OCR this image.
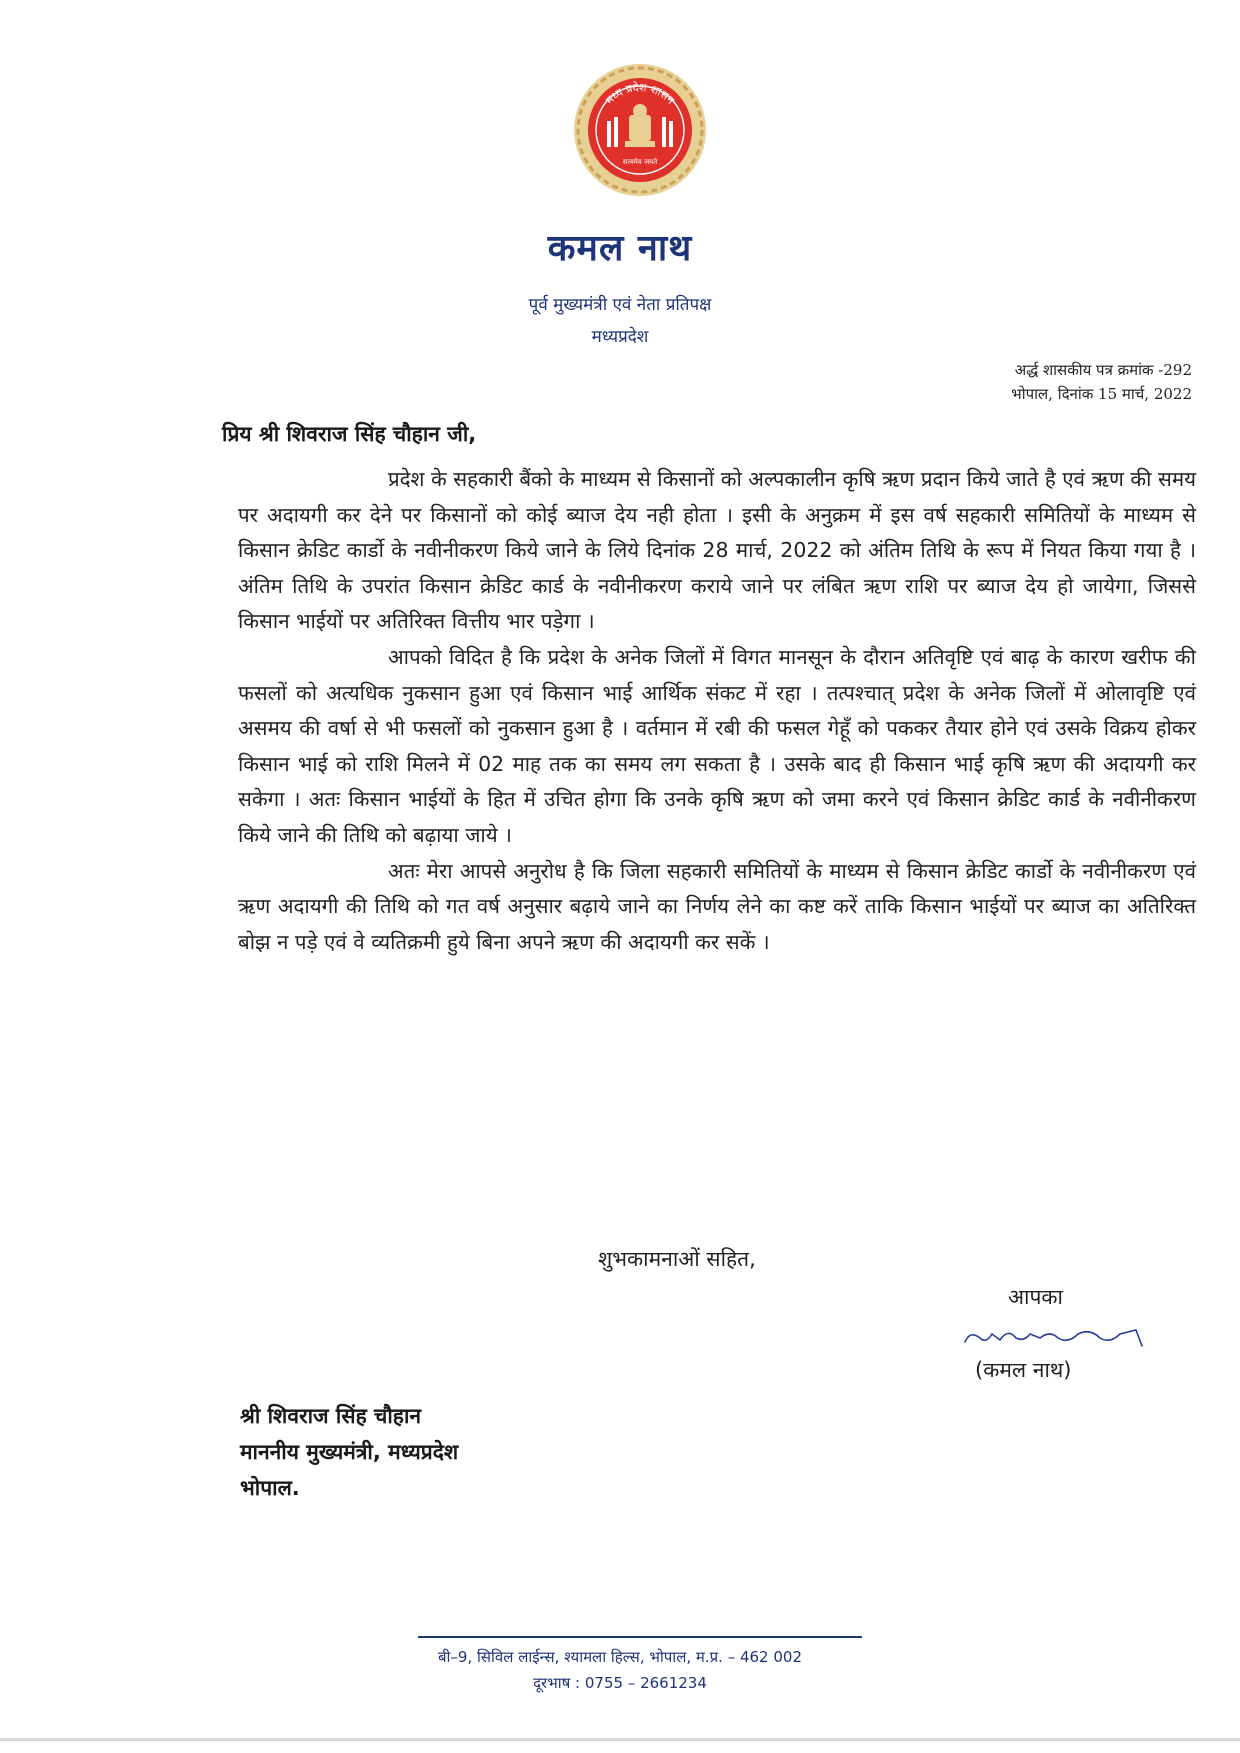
मध्य प्रदेश शासन
सत्यमेव जयते
कमल नाथ
पूर्व मुख्यमंत्री एवं नेता प्रतिपक्ष
मध्यप्रदेश
अर्द्ध शासकीय पत्र क्रमांक -292
भोपाल, दिनांक 15 मार्च, 2022
प्रिय श्री शिवराज सिंह चौहान जी,

प्रदेश के सहकारी बैंको के माध्यम से किसानों को अल्पकालीन कृषि ऋण प्रदान किये जाते है एवं ऋण की समय पर अदायगी कर देने पर किसानों को कोई ब्याज देय नही होता । इसी के अनुक्रम में इस वर्ष सहकारी समितियों के माध्यम से किसान क्रेडिट कार्डो के नवीनीकरण किये जाने के लिये दिनांक 28 मार्च, 2022 को अंतिम तिथि के रूप में नियत किया गया है । अंतिम तिथि के उपरांत किसान क्रेडिट कार्ड के नवीनीकरण कराये जाने पर लंबित ऋण राशि पर ब्याज देय हो जायेगा, जिससे किसान भाईयों पर अतिरिक्त वित्तीय भार पड़ेगा ।

आपको विदित है कि प्रदेश के अनेक जिलों में विगत मानसून के दौरान अतिवृष्टि एवं बाढ़ के कारण खरीफ की फसलों को अत्यधिक नुकसान हुआ एवं किसान भाई आर्थिक संकट में रहा । तत्पश्चात् प्रदेश के अनेक जिलों में ओलावृष्टि एवं असमय की वर्षा से भी फसलों को नुकसान हुआ है । वर्तमान में रबी की फसल गेहूँ को पककर तैयार होने एवं उसके विक्रय होकर किसान भाई को राशि मिलने में 02 माह तक का समय लग सकता है । उसके बाद ही किसान भाई कृषि ऋण की अदायगी कर सकेगा । अतः किसान भाईयों के हित में उचित होगा कि उनके कृषि ऋण को जमा करने एवं किसान क्रेडिट कार्ड के नवीनीकरण किये जाने की तिथि को बढ़ाया जाये ।

अतः मेरा आपसे अनुरोध है कि जिला सहकारी समितियों के माध्यम से किसान क्रेडिट कार्डो के नवीनीकरण एवं ऋण अदायगी की तिथि को गत वर्ष अनुसार बढ़ाये जाने का निर्णय लेने का कष्ट करें ताकि किसान भाईयों पर ब्याज का अतिरिक्त बोझ न पड़े एवं वे व्यतिक्रमी हुये बिना अपने ऋण की अदायगी कर सकें ।

शुभकामनाओं सहित,
आपका
(कमल नाथ)
श्री शिवराज सिंह चौहान
माननीय मुख्यमंत्री, मध्यप्रदेश
भोपाल.
बी–9, सिविल लाईन्स, श्यामला हिल्स, भोपाल, म.प्र. – 462 002
दूरभाष : 0755 – 2661234
